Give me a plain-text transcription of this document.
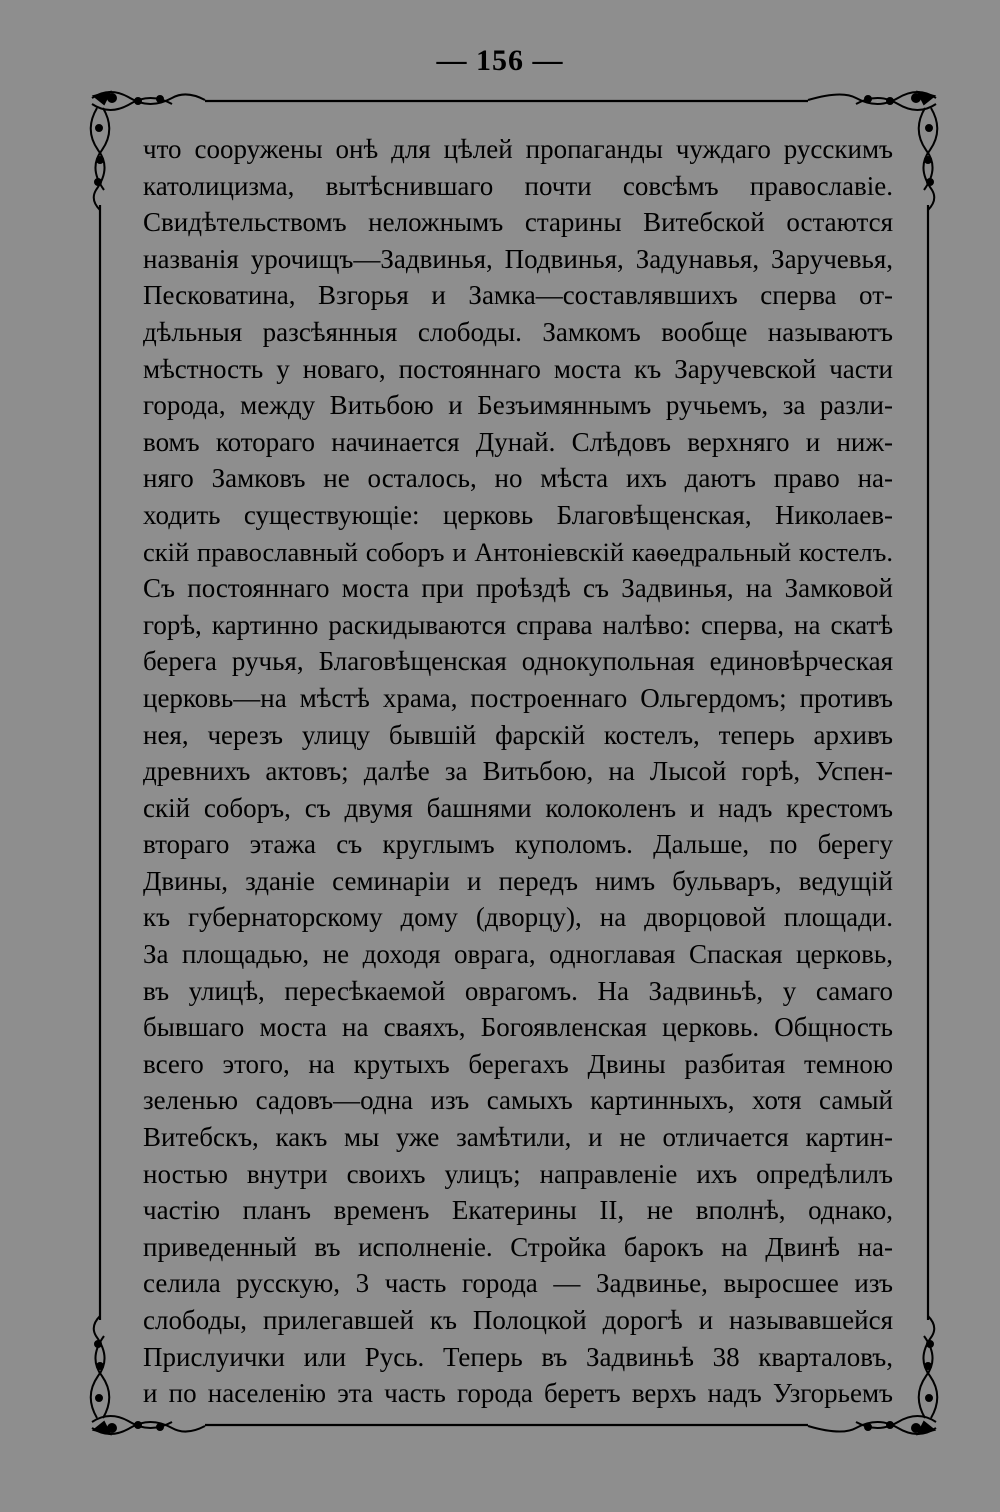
— 156 —
что сооружены онѣ для цѣлей пропаганды чуждаго русскимъ
католицизма, вытѣснившаго почти совсѣмъ православіе.
Свидѣтельствомъ неложнымъ старины Витебской остаются
названія урочищъ—Задвинья, Подвинья, Задунавья, Заручевья,
Песковатина, Взгорья и Замка—составлявшихъ сперва от-
дѣльныя разсѣянныя слободы. Замкомъ вообще называютъ
мѣстность у новаго, постояннаго моста къ Заручевской части
города, между Витьбою и Безъимяннымъ ручьемъ, за разли-
вомъ котораго начинается Дунай. Слѣдовъ верхняго и ниж-
няго Замковъ не осталось, но мѣста ихъ даютъ право на-
ходить существующіе: церковь Благовѣщенская, Николаев-
скій православный соборъ и Антоніевскій каѳедральный костелъ.
Съ постояннаго моста при проѣздѣ съ Задвинья, на Замковой
горѣ, картинно раскидываются справа налѣво: сперва, на скатѣ
берега ручья, Благовѣщенская однокупольная единовѣрческая
церковь—на мѣстѣ храма, построеннаго Ольгердомъ; противъ
нея, черезъ улицу бывшій фарскій костелъ, теперь архивъ
древнихъ актовъ; далѣе за Витьбою, на Лысой горѣ, Успен-
скій соборъ, съ двумя башнями колоколенъ и надъ крестомъ
втораго этажа съ круглымъ куполомъ. Дальше, по берегу
Двины, зданіе семинаріи и передъ нимъ бульваръ, ведущій
къ губернаторскому дому (дворцу), на дворцовой площади.
За площадью, не доходя оврага, одноглавая Спаская церковь,
въ улицѣ, пересѣкаемой оврагомъ. На Задвиньѣ, у самаго
бывшаго моста на сваяхъ, Богоявленская церковь. Общность
всего этого, на крутыхъ берегахъ Двины разбитая темною
зеленью садовъ—одна изъ самыхъ картинныхъ, хотя самый
Витебскъ, какъ мы уже замѣтили, и не отличается картин-
ностью внутри своихъ улицъ; направленіе ихъ опредѣлилъ
частію планъ временъ Екатерины II, не вполнѣ, однако,
приведенный въ исполненіе. Стройка барокъ на Двинѣ на-
селила русскую, 3 часть города — Задвинье, выросшее изъ
слободы, прилегавшей къ Полоцкой дорогѣ и называвшейся
Прислуички или Русь. Теперь въ Задвиньѣ 38 кварталовъ,
и по населенію эта часть города беретъ верхъ надъ Узгорьемъ
